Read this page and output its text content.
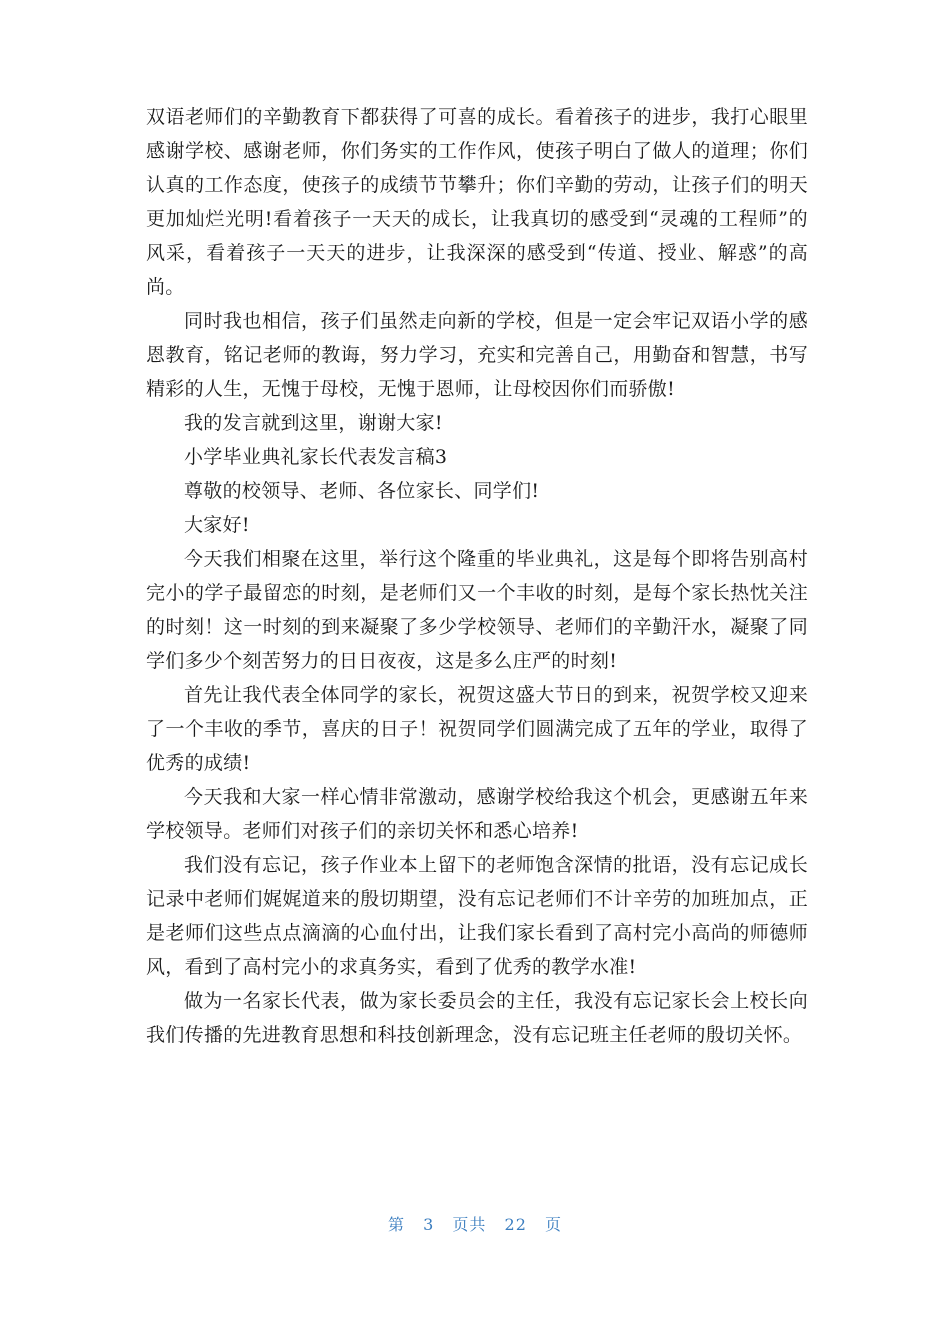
双语老师们的辛勤教育下都获得了可喜的成长。看着孩子的进步，我打心眼里感谢学校、感谢老师，你们务实的工作作风，使孩子明白了做人的道理；你们认真的工作态度，使孩子的成绩节节攀升；你们辛勤的劳动，让孩子们的明天更加灿烂光明!看着孩子一天天的成长，让我真切的感受到“灵魂的工程师”的风采，看着孩子一天天的进步，让我深深的感受到“传道、授业、解惑”的高尚。

同时我也相信，孩子们虽然走向新的学校，但是一定会牢记双语小学的感恩教育，铭记老师的教诲，努力学习，充实和完善自己，用勤奋和智慧，书写精彩的人生，无愧于母校，无愧于恩师，让母校因你们而骄傲!

我的发言就到这里，谢谢大家!

小学毕业典礼家长代表发言稿3

尊敬的校领导、老师、各位家长、同学们!

大家好!

今天我们相聚在这里，举行这个隆重的毕业典礼，这是每个即将告别高村完小的学子最留恋的时刻，是老师们又一个丰收的时刻，是每个家长热忱关注的时刻！这一时刻的到来凝聚了多少学校领导、老师们的辛勤汗水，凝聚了同学们多少个刻苦努力的日日夜夜，这是多么庄严的时刻!

首先让我代表全体同学的家长，祝贺这盛大节日的到来，祝贺学校又迎来了一个丰收的季节，喜庆的日子！祝贺同学们圆满完成了五年的学业，取得了优秀的成绩!

今天我和大家一样心情非常激动，感谢学校给我这个机会，更感谢五年来学校领导。老师们对孩子们的亲切关怀和悉心培养!

我们没有忘记，孩子作业本上留下的老师饱含深情的批语，没有忘记成长记录中老师们娓娓道来的殷切期望，没有忘记老师们不计辛劳的加班加点，正是老师们这些点点滴滴的心血付出，让我们家长看到了高村完小高尚的师德师风，看到了高村完小的求真务实，看到了优秀的教学水准!

做为一名家长代表，做为家长委员会的主任，我没有忘记家长会上校长向我们传播的先进教育思想和科技创新理念，没有忘记班主任老师的殷切关怀。

第 3 页共 22 页
